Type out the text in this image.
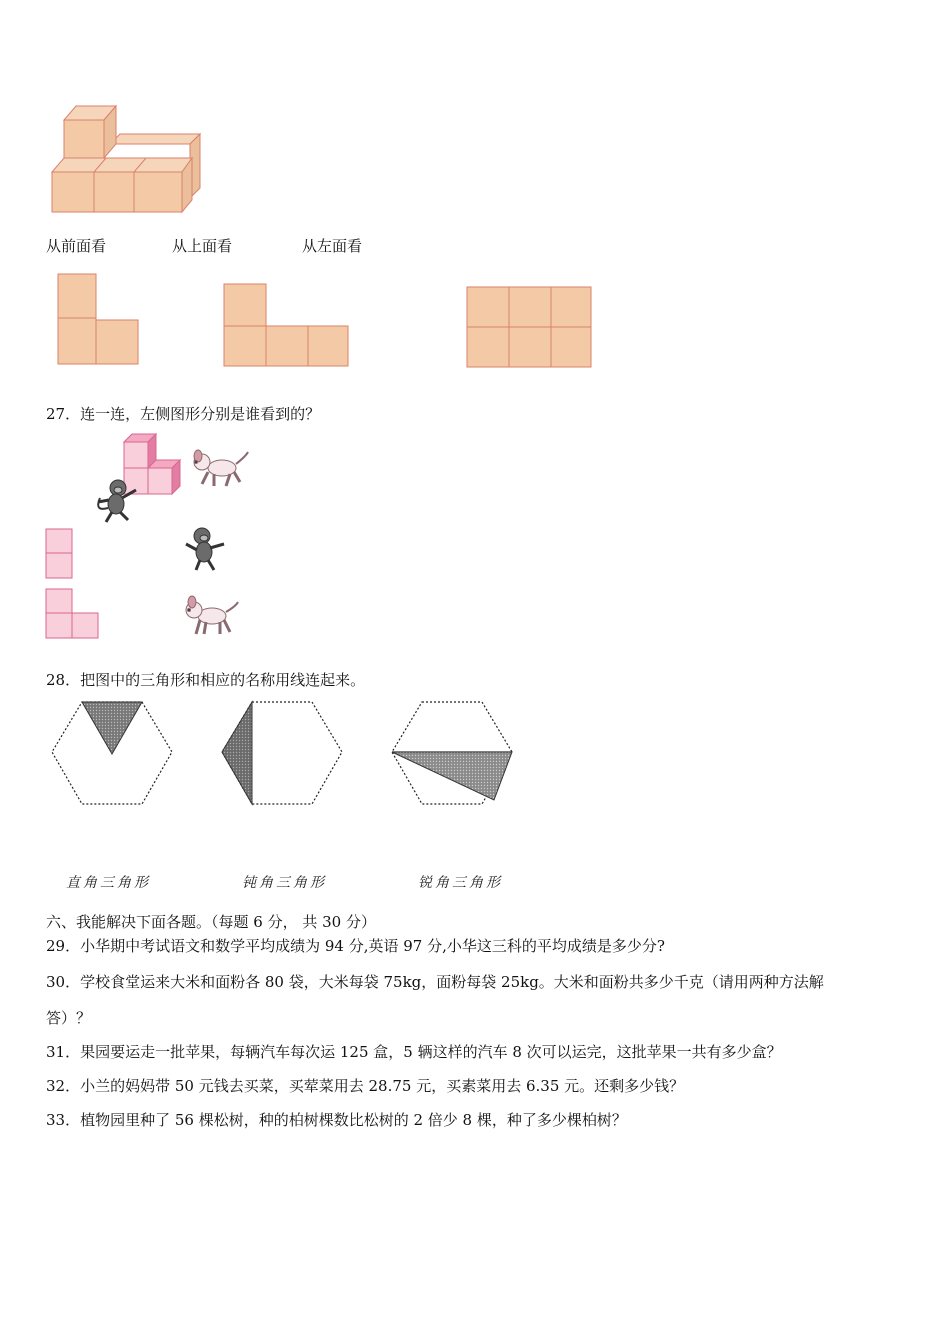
从前面看	从上面看	从左面看
27．连一连，左侧图形分别是谁看到的？
28．把图中的三角形和相应的名称用线连起来。
直角三角形	钝角三角形	锐角三角形
六、我能解决下面各题。（每题 6 分， 共 30 分）
29．小华期中考试语文和数学平均成绩为 94 分,英语 97 分,小华这三科的平均成绩是多少分?
30．学校食堂运来大米和面粉各 80 袋，大米每袋 75kg，面粉每袋 25kg。大米和面粉共多少千克（请用两种方法解
答）？
31．果园要运走一批苹果，每辆汽车每次运 125 盒，5 辆这样的汽车 8 次可以运完，这批苹果一共有多少盒？
32．小兰的妈妈带 50 元钱去买菜，买荤菜用去 28.75 元，买素菜用去 6.35 元。还剩多少钱？
33．植物园里种了 56 棵松树，种的柏树棵数比松树的 2 倍少 8 棵，种了多少棵柏树？
